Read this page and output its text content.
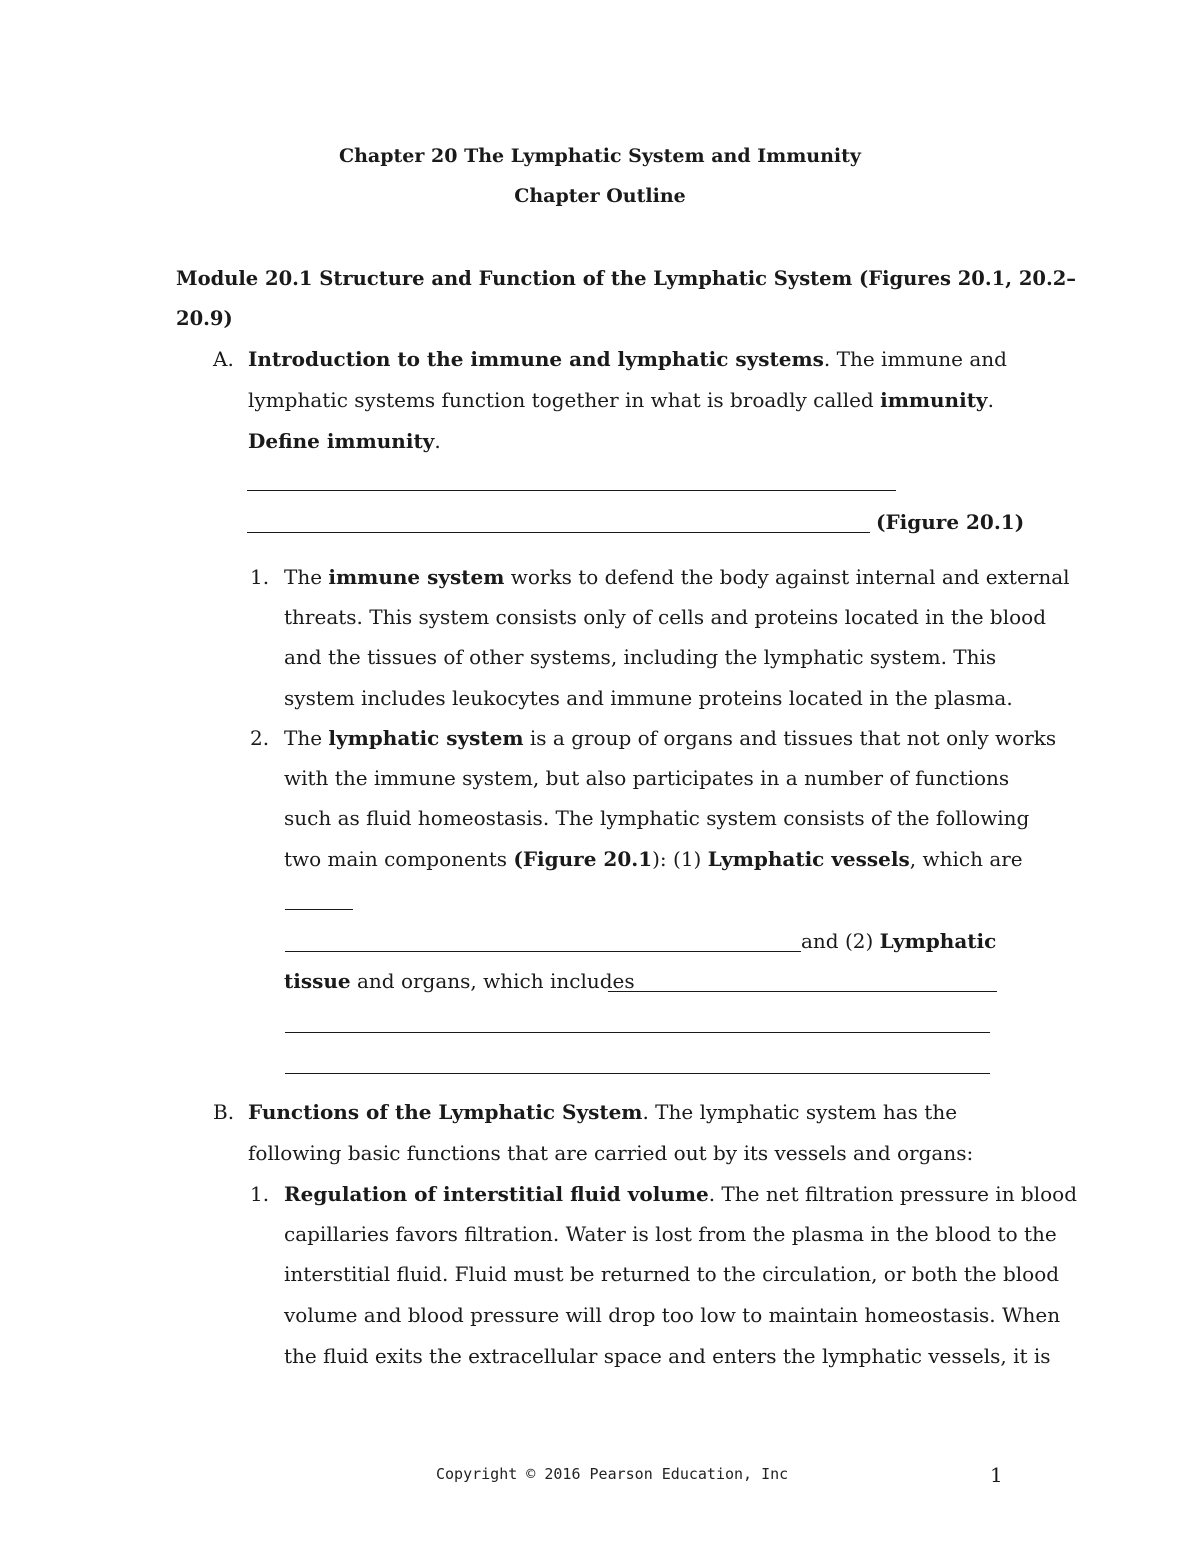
Chapter 20 The Lymphatic System and Immunity
Chapter Outline
Module 20.1 Structure and Function of the Lymphatic System (Figures 20.1, 20.2–
20.9)
A. Introduction to the immune and lymphatic systems. The immune and
lymphatic systems function together in what is broadly called immunity.
Define immunity.
(Figure 20.1)
1. The immune system works to defend the body against internal and external
threats. This system consists only of cells and proteins located in the blood
and the tissues of other systems, including the lymphatic system. This
system includes leukocytes and immune proteins located in the plasma.
2. The lymphatic system is a group of organs and tissues that not only works
with the immune system, but also participates in a number of functions
such as fluid homeostasis. The lymphatic system consists of the following
two main components (Figure 20.1): (1) Lymphatic vessels, which are
and (2) Lymphatic
tissue and organs, which includes
B. Functions of the Lymphatic System. The lymphatic system has the
following basic functions that are carried out by its vessels and organs:
1. Regulation of interstitial fluid volume. The net filtration pressure in blood
capillaries favors filtration. Water is lost from the plasma in the blood to the
interstitial fluid. Fluid must be returned to the circulation, or both the blood
volume and blood pressure will drop too low to maintain homeostasis. When
the fluid exits the extracellular space and enters the lymphatic vessels, it is
Copyright © 2016 Pearson Education, Inc	1
